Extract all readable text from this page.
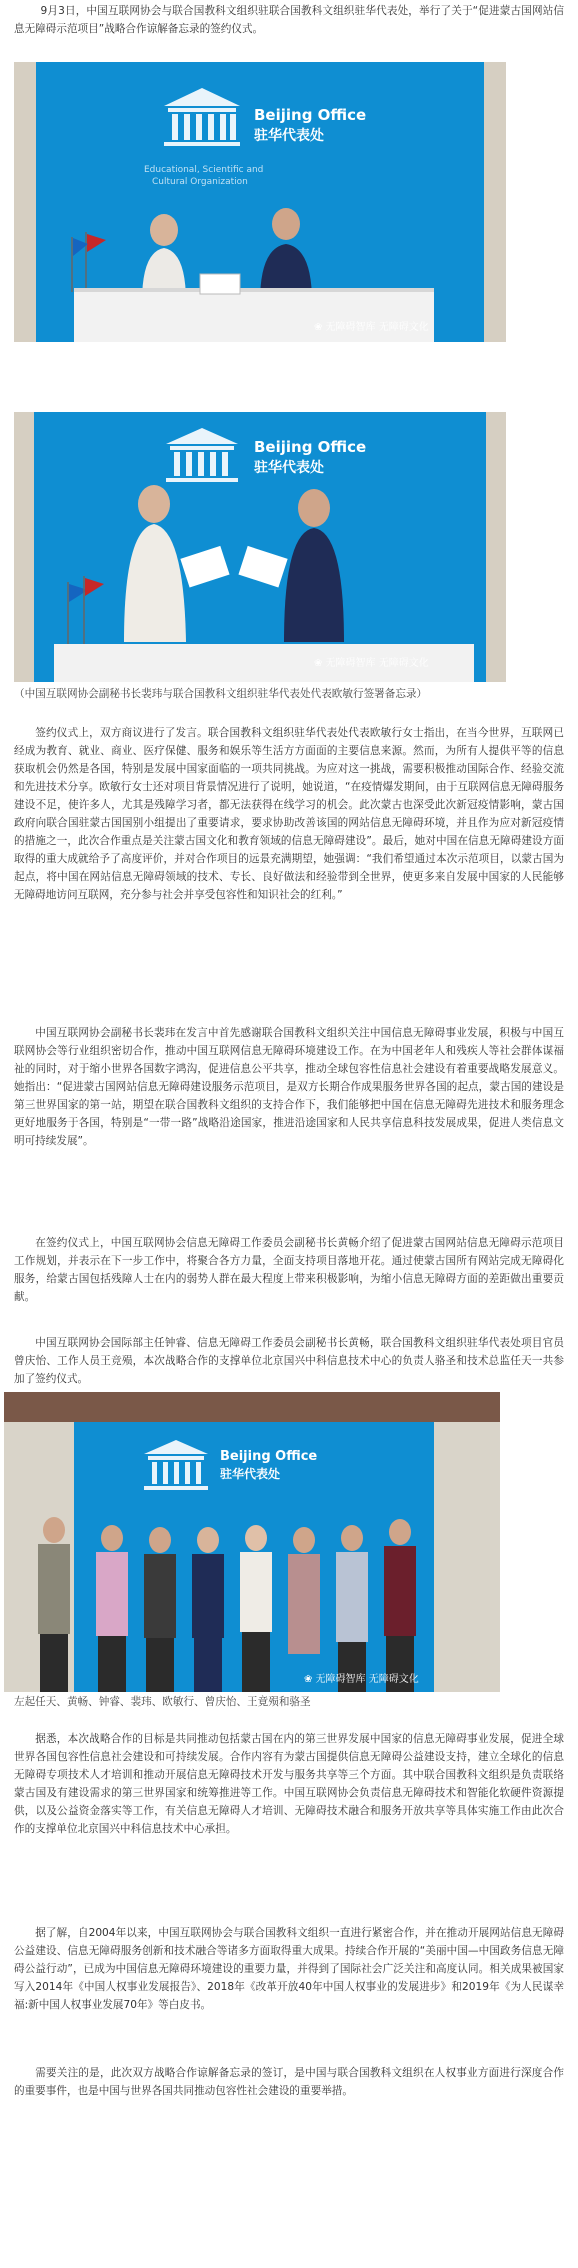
9月3日，中国互联网协会与联合国教科文组织驻联合国教科文组织驻华代表处，举行了关于“促进蒙古国网站信息无障碍示范项目”战略合作谅解备忘录的签约仪式。

Beijing Office
驻华代表处
Educational, Scientific and
Cultural Organization
❀ 无障碍智库 无障碍文化
Beijing Office
驻华代表处
❀ 无障碍智库 无障碍文化

（中国互联网协会副秘书长裴玮与联合国教科文组织驻华代表处代表欧敏行签署备忘录）

签约仪式上，双方商议进行了发言。联合国教科文组织驻华代表处代表欧敏行女士指出，在当今世界，互联网已经成为教育、就业、商业、医疗保健、服务和娱乐等生活方方面面的主要信息来源。然而，为所有人提供平等的信息获取机会仍然是各国，特别是发展中国家面临的一项共同挑战。为应对这一挑战，需要积极推动国际合作、经验交流和先进技术分享。欧敏行女士还对项目背景情况进行了说明，她说道，“在疫情爆发期间，由于互联网信息无障碍服务建设不足，使许多人，尤其是残障学习者，都无法获得在线学习的机会。此次蒙古也深受此次新冠疫情影响，蒙古国政府向联合国驻蒙古国国别小组提出了重要请求，要求协助改善该国的网站信息无障碍环境，并且作为应对新冠疫情的措施之一，此次合作重点是关注蒙古国文化和教育领域的信息无障碍建设”。最后，她对中国在信息无障碍建设方面取得的重大成就给予了高度评价，并对合作项目的远景充满期望，她强调：“我们希望通过本次示范项目，以蒙古国为起点，将中国在网站信息无障碍领域的技术、专长、良好做法和经验带到全世界，使更多来自发展中国家的人民能够无障碍地访问互联网，充分参与社会并享受包容性和知识社会的红利。”

中国互联网协会副秘书长裴玮在发言中首先感谢联合国教科文组织关注中国信息无障碍事业发展，积极与中国互联网协会等行业组织密切合作，推动中国互联网信息无障碍环境建设工作。在为中国老年人和残疾人等社会群体谋福祉的同时，对于缩小世界各国数字鸿沟，促进信息公平共享，推动全球包容性信息社会建设有着重要战略发展意义。她指出：“促进蒙古国网站信息无障碍建设服务示范项目，是双方长期合作成果服务世界各国的起点，蒙古国的建设是第三世界国家的第一站，期望在联合国教科文组织的支持合作下，我们能够把中国在信息无障碍先进技术和服务理念更好地服务于各国，特别是“一带一路”战略沿途国家，推进沿途国家和人民共享信息科技发展成果，促进人类信息文明可持续发展”。

在签约仪式上，中国互联网协会信息无障碍工作委员会副秘书长黄畅介绍了促进蒙古国网站信息无障碍示范项目工作规划，并表示在下一步工作中，将聚合各方力量，全面支持项目落地开花。通过使蒙古国所有网站完成无障碍化服务，给蒙古国包括残障人士在内的弱势人群在最大程度上带来积极影响，为缩小信息无障碍方面的差距做出重要贡献。

中国互联网协会国际部主任钟睿、信息无障碍工作委员会副秘书长黄畅，联合国教科文组织驻华代表处项目官员曾庆怡、工作人员王竞殒，本次战略合作的支撑单位北京国兴中科信息技术中心的负责人骆圣和技术总监任天一共参加了签约仪式。

Beijing Office
驻华代表处
❀ 无障碍智库 无障碍文化

左起任天、黄畅、钟睿、裴玮、欧敏行、曾庆怡、王竟殒和骆圣

据悉，本次战略合作的目标是共同推动包括蒙古国在内的第三世界发展中国家的信息无障碍事业发展，促进全球世界各国包容性信息社会建设和可持续发展。合作内容有为蒙古国提供信息无障碍公益建设支持，建立全球化的信息无障碍专项技术人才培训和推动开展信息无障碍技术开发与服务共享等三个方面。其中联合国教科文组织是负责联络蒙古国及有建设需求的第三世界国家和统筹推进等工作。中国互联网协会负责信息无障碍技术和智能化软硬件资源提供，以及公益资金落实等工作，有关信息无障碍人才培训、无障碍技术融合和服务开放共享等具体实施工作由此次合作的支撑单位北京国兴中科信息技术中心承担。

据了解，自2004年以来，中国互联网协会与联合国教科文组织一直进行紧密合作，并在推动开展网站信息无障碍公益建设、信息无障碍服务创新和技术融合等诸多方面取得重大成果。持续合作开展的“美丽中国—中国政务信息无障碍公益行动”，已成为中国信息无障碍环境建设的重要力量，并得到了国际社会广泛关注和高度认同。相关成果被国家写入2014年《中国人权事业发展报告》、2018年《改革开放40年中国人权事业的发展进步》和2019年《为人民谋幸福:新中国人权事业发展70年》等白皮书。

需要关注的是，此次双方战略合作谅解备忘录的签订，是中国与联合国教科文组织在人权事业方面进行深度合作的重要事件，也是中国与世界各国共同推动包容性社会建设的重要举措。
